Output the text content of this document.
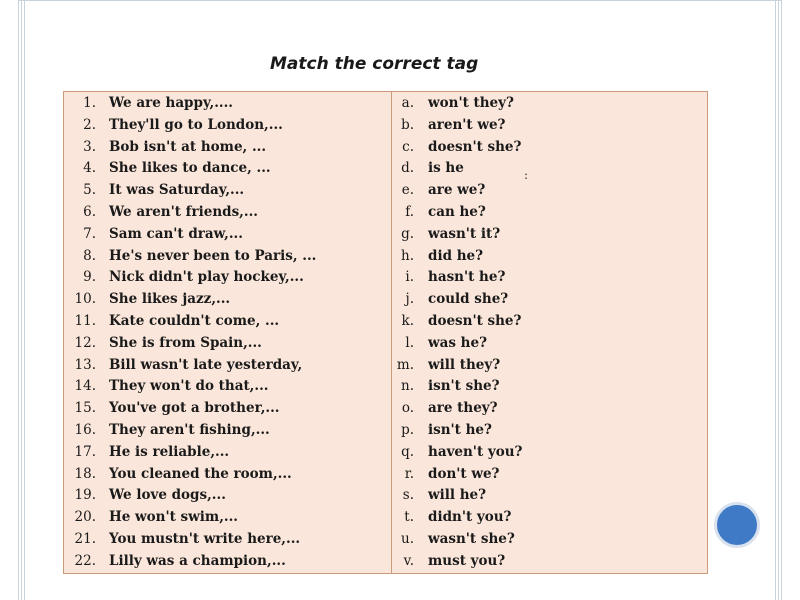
Match the correct tag
1. We are happy,....
2. They'll go to London,...
3. Bob isn't at home, ...
4. She likes to dance, ...
5. It was Saturday,...
6. We aren't friends,...
7. Sam can't draw,...
8. He's never been to Paris, ...
9. Nick didn't play hockey,...
10. She likes jazz,...
11. Kate couldn't come, ...
12. She is from Spain,...
13. Bill wasn't late yesterday,
14. They won't do that,...
15. You've got a brother,...
16. They aren't fishing,...
17. He is reliable,...
18. You cleaned the room,...
19. We love dogs,...
20. He won't swim,...
21. You mustn't write here,...
22. Lilly was a champion,...
a. won't they?
b. aren't we?
c. doesn't she?
d. is he
e. are we?
f. can he?
g. wasn't it?
h. did he?
i. hasn't he?
j. could she?
k. doesn't she?
l. was he?
m. will they?
n. isn't she?
o. are they?
p. isn't he?
q. haven't you?
r. don't we?
s. will he?
t. didn't you?
u. wasn't she?
v. must you?
:
